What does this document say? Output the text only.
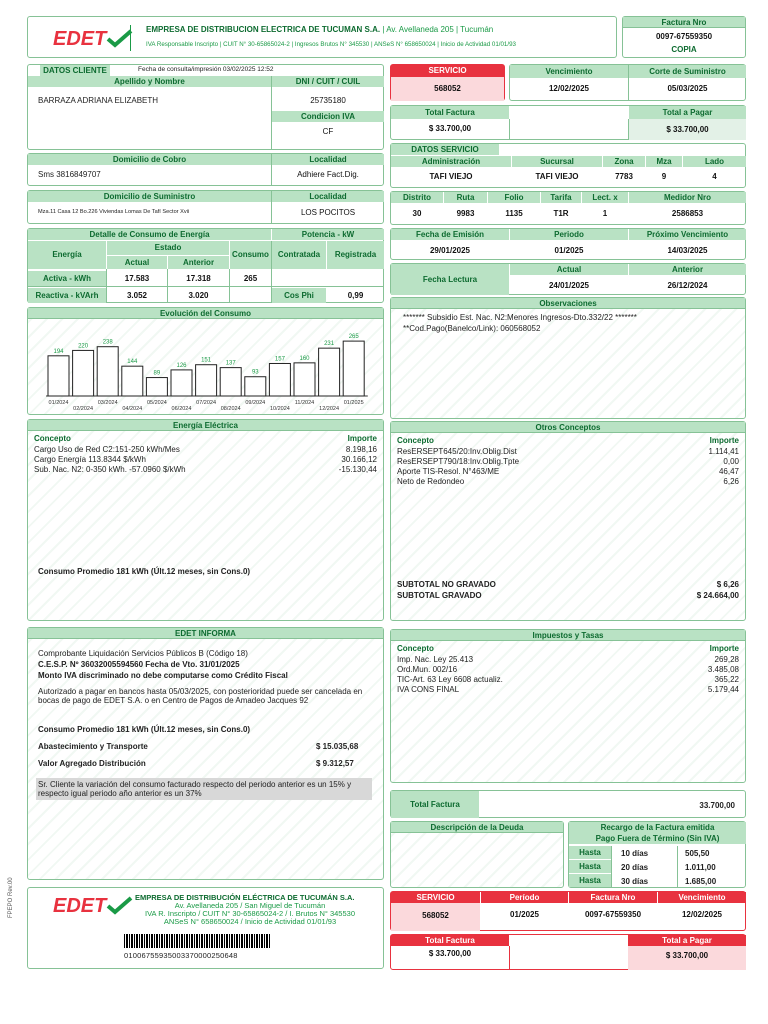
EDET	EMPRESA DE DISTRIBUCION ELECTRICA DE TUCUMAN S.A. | Av. Avellaneda 205 | Tucumán
IVA Responsable Inscripto | CUIT N° 30-65865024-2 | Ingresos Brutos N° 345530 | ANSeS N° 658650024 | Inicio de Actividad 01/01/93
Factura Nro
0097-67559350
COPIA
DATOS CLIENTE	Fecha de consulta/impresión 03/02/2025 12:52
Apellido y Nombre	DNI / CUIT / CUIL
BARRAZA ADRIANA ELIZABETH	25735180
Condicion IVA
CF
Domicilio de Cobro	Localidad
Sms 3816849707	Adhiere Fact.Dig.
Domicilio de Suministro	Localidad
Mza.11 Casa 12 Bo.226 Viviendas Lomas De Tafí Sector Xvii	LOS POCITOS
Detalle de Consumo de Energía	Potencia - kW
Energía
Estado
Actual	Anterior
Consumo	Contratada	Registrada
Activa - kWh	17.583	17.318	265
Reactiva - kVArh	3.052	3.020	Cos Phi	0,99
Evolución del Consumo
194
01/2024
220
02/2024
238
03/2024
144
04/2024
89
05/2024
126
06/2024
151
07/2024
137
08/2024
93
09/2024
157
10/2024
160
11/2024
231
12/2024
265
01/2025
SERVICIO
568052
Vencimiento	Corte de Suministro
12/02/2025	05/03/2025
Total Factura	Total a Pagar
$ 33.700,00	$ 33.700,00
DATOS SERVICIO
Administración	Sucursal	Zona	Mza	Lado
TAFI VIEJO	TAFI VIEJO	7783	9	4
Distrito	Ruta	Folio	Tarifa	Lect. x	Medidor Nro
30	9983	1135	T1R	1	2586853
Fecha de Emisión	Periodo	Próximo Vencimiento
29/01/2025	01/2025	14/03/2025
Fecha Lectura
Actual	Anterior
24/01/2025	26/12/2024
Observaciones
******* Subsidio Est. Nac. N2:Menores Ingresos-Dto.332/22 *******
**Cod.Pago(Banelco/Link): 060568052
Energía Eléctrica
Concepto	Importe
Cargo Uso de Red C2:151-250 kWh/Mes	8.198,16
Cargo Energía 113.8344 $/kWh	30.166,12
Sub. Nac. N2: 0-350 kWh. -57.0960 $/kWh	-15.130,44
Consumo Promedio 181 kWh (Últ.12 meses, sin Cons.0)
Otros Conceptos
Concepto	Importe
ResERSEPT645/20:Inv.Oblig.Dist	1.114,41
ResERSEPT790/18:Inv.Oblig.Tpte	0,00
Aporte TIS-Resol. N°463/ME	46,47
Neto de Redondeo	6,26
SUBTOTAL NO GRAVADO	$ 6,26
SUBTOTAL GRAVADO	$ 24.664,00
EDET INFORMA
Comprobante Liquidación Servicios Públicos B (Código 18)
C.E.S.P. Nº 36032005594560 Fecha de Vto. 31/01/2025
Monto IVA discriminado no debe computarse como Crédito Fiscal
Autorizado a pagar en bancos hasta 05/03/2025, con posterioridad puede ser cancelada en bocas de pago de EDET S.A. o en Centro de Pagos de Amadeo Jacques 92
Consumo Promedio 181 kWh (Últ.12 meses, sin Cons.0)
Abastecimiento y Transporte	$ 15.035,68
Valor Agregado Distribución	$ 9.312,57
Sr. Cliente la variación del consumo facturado respecto del periodo anterior es un 15% y respecto igual periodo año anterior es un 37%
Impuestos y Tasas
Concepto	Importe
Imp. Nac. Ley 25.413	269,28
Ord.Mun. 002/16	3.485,08
TIC-Art. 63 Ley 6608 actualiz.	365,22
IVA CONS FINAL	5.179,44
Total Factura	33.700,00
Descripción de la Deuda	Recargo de la Factura emitida
Pago Fuera de Término (Sin IVA)
Hasta	10 días	505,50
Hasta	20 días	1.011,00
Hasta	30 días	1.685,00
FPEPO Rev.00 EDET	EMPRESA DE DISTRIBUCIÓN ELÉCTRICA DE TUCUMÁN S.A.
Av. Avellaneda 205 / San Miguel de Tucumán
IVA R. Inscripto / CUIT N° 30-65865024-2 / I. Brutos N° 345530
ANSeS N° 658650024 / Inicio de Actividad 01/01/93
01006755935003370000250648
SERVICIO	Período	Factura Nro	Vencimiento
568052	01/2025	0097-67559350	12/02/2025
Total Factura	Total a Pagar
$ 33.700,00	$ 33.700,00
